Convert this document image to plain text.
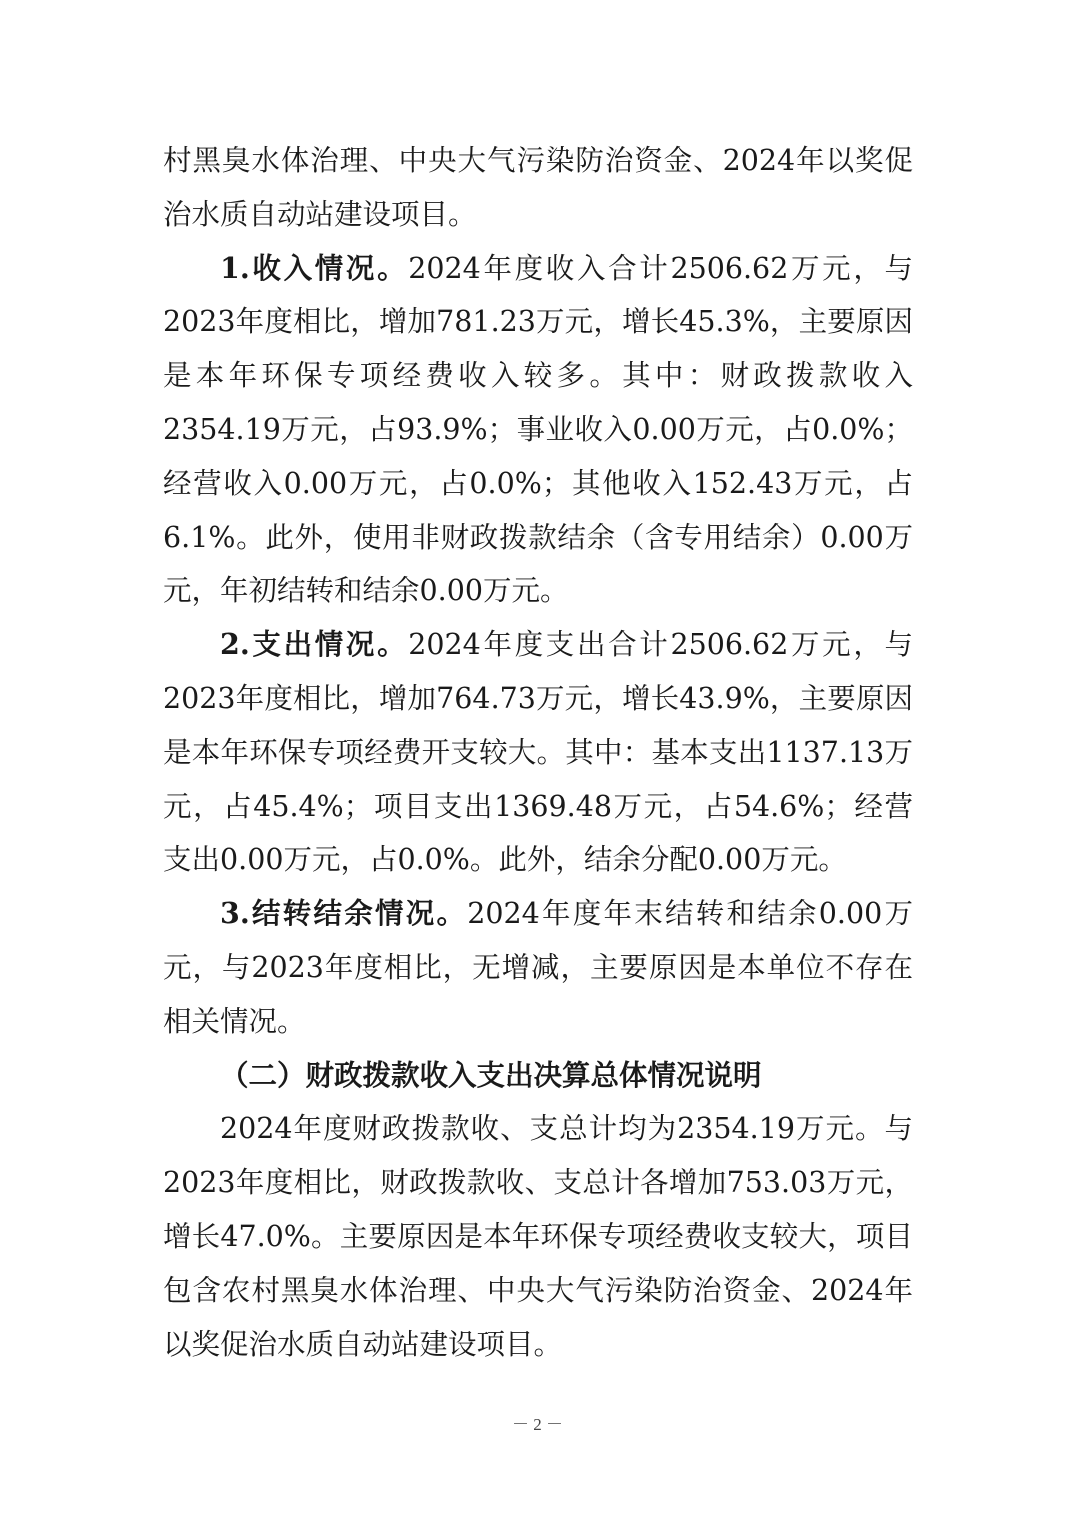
村黑臭水体治理、中央大气污染防治资金、2024年以奖促治水质自动站建设项目。

1.收入情况。2024年度收入合计2506.62万元，与2023年度相比，增加781.23万元，增长45.3%，主要原因是本年环保专项经费收入较多。其中：财政拨款收入2354.19万元，占93.9%；事业收入0.00万元，占0.0%；经营收入0.00万元，占0.0%；其他收入152.43万元，占6.1%。此外，使用非财政拨款结余（含专用结余）0.00万元，年初结转和结余0.00万元。

2.支出情况。2024年度支出合计2506.62万元，与2023年度相比，增加764.73万元，增长43.9%，主要原因是本年环保专项经费开支较大。其中：基本支出1137.13万元，占45.4%；项目支出1369.48万元，占54.6%；经营支出0.00万元，占0.0%。此外，结余分配0.00万元。

3.结转结余情况。2024年度年末结转和结余0.00万元，与2023年度相比，无增减，主要原因是本单位不存在相关情况。

（二）财政拨款收入支出决算总体情况说明

2024年度财政拨款收、支总计均为2354.19万元。与2023年度相比，财政拨款收、支总计各增加753.03万元，增长47.0%。主要原因是本年环保专项经费收支较大，项目包含农村黑臭水体治理、中央大气污染防治资金、2024年以奖促治水质自动站建设项目。

－ 2 －
